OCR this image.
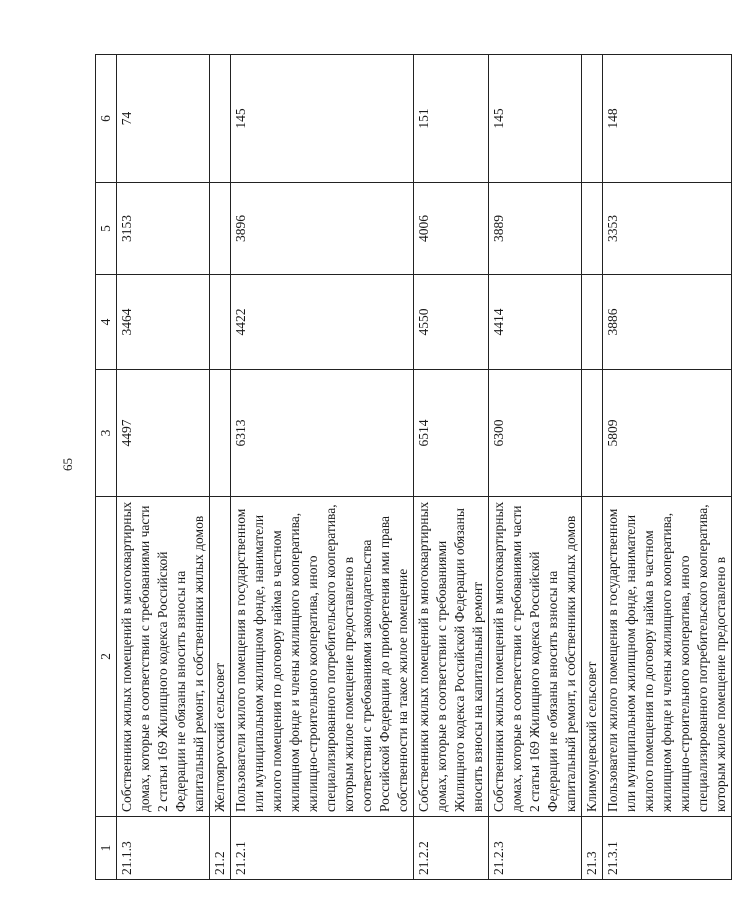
65
1	2	3	4	5	6
21.1.3	Собственники жилых помещений в многоквартирных домах, которые в соответствии с требованиями части 2 статьи 169 Жилищного кодекса Российской Федерации не обязаны вносить взносы на капитальный ремонт, и собственники жилых домов	4497	3464	3153	74
21.2	Желтоярovский сельсовет				
21.2.1	Пользователи жилого помещения в государственном или муниципальном жилищном фонде, наниматели жилого помещения по договору найма в частном жилищном фонде и члены жилищного кооператива, жилищно-строительного кооператива, иного специализированного потребительского кооператива, которым жилое помещение предоставлено в соответствии с требованиями законодательства Российской Федерации до приобретения ими права собственности на такое жилое помещение	6313	4422	3896	145
21.2.2	Собственники жилых помещений в многоквартирных домах, которые в соответствии с требованиями Жилищного кодекса Российской Федерации обязаны вносить взносы на капитальный ремонт	6514	4550	4006	151
21.2.3	Собственники жилых помещений в многоквартирных домах, которые в соответствии с требованиями части 2 статьи 169 Жилищного кодекса Российской Федерации не обязаны вносить взносы на капитальный ремонт, и собственники жилых домов	6300	4414	3889	145
21.3	Климоуцевский сельсовет				
21.3.1	Пользователи жилого помещения в государственном или муниципальном жилищном фонде, наниматели жилого помещения по договору найма в частном жилищном фонде и члены жилищного кооператива, жилищно-строительного кооператива, иного специализированного потребительского кооператива, которым жилое помещение предоставлено в	5809	3886	3353	148
